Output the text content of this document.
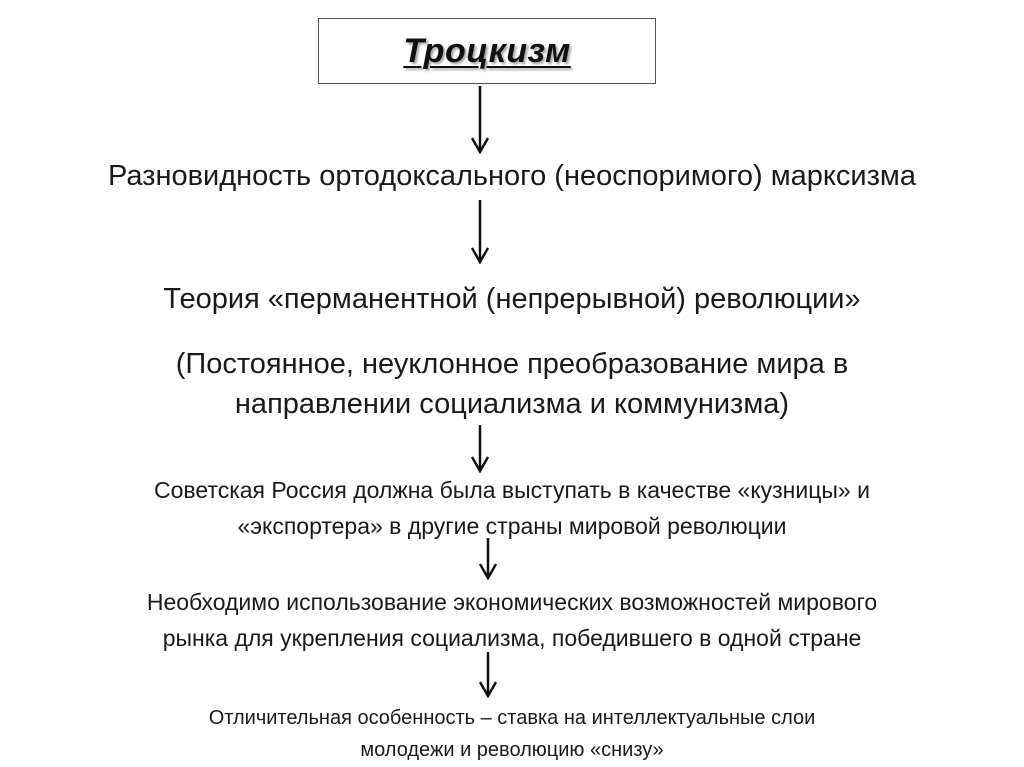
Троцкизм
Разновидность ортодоксального (неоспоримого) марксизма
Теория «перманентной (непрерывной) революции»
(Постоянное, неуклонное преобразование мира в
направлении социализма и коммунизма)
Советская Россия должна была выступать в качестве «кузницы» и
«экспортера» в другие страны мировой революции
Необходимо использование экономических возможностей мирового
рынка для укрепления социализма, победившего в одной стране
Отличительная особенность – ставка на интеллектуальные слои
молодежи и революцию «снизу»
